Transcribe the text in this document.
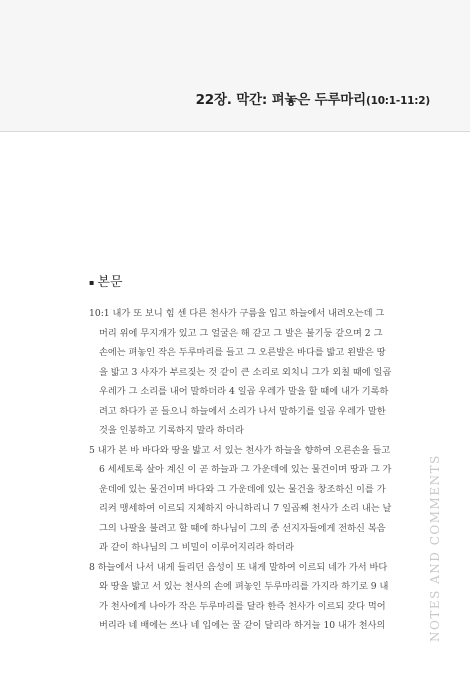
22장. 막간: 펴놓은 두루마리(10:1-11:2)
▪ 본문
10:1 내가 또 보니 힘 센 다른 천사가 구름을 입고 하늘에서 내려오는데 그
머리 위에 무지개가 있고 그 얼굴은 해 같고 그 발은 불기둥 같으며 2 그
손에는 펴놓인 작은 두루마리를 들고 그 오른발은 바다를 밟고 왼발은 땅
을 밟고 3 사자가 부르짖는 것 같이 큰 소리로 외치니 그가 외칠 때에 일곱
우레가 그 소리를 내어 말하더라 4 일곱 우레가 말을 할 때에 내가 기록하
려고 하다가 곧 들으니 하늘에서 소리가 나서 말하기를 일곱 우레가 말한
것을 인봉하고 기록하지 말라 하더라
5 내가 본 바 바다와 땅을 밟고 서 있는 천사가 하늘을 향하여 오른손을 들고
6 세세토록 살아 계신 이 곧 하늘과 그 가운데에 있는 물건이며 땅과 그 가
운데에 있는 물건이며 바다와 그 가운데에 있는 물건을 창조하신 이를 가
리켜 맹세하여 이르되 지체하지 아니하리니 7 일곱째 천사가 소리 내는 날
그의 나팔을 불려고 할 때에 하나님이 그의 종 선지자들에게 전하신 복음
과 같이 하나님의 그 비밀이 이루어지리라 하더라
8 하늘에서 나서 내게 들리던 음성이 또 내게 말하여 이르되 네가 가서 바다
와 땅을 밟고 서 있는 천사의 손에 펴놓인 두루마리를 가지라 하기로 9 내
가 천사에게 나아가 작은 두루마리를 달라 한즉 천사가 이르되 갖다 먹어
버리라 네 배에는 쓰나 네 입에는 꿀 같이 달리라 하거늘 10 내가 천사의	NOTES AND COMMENTS
